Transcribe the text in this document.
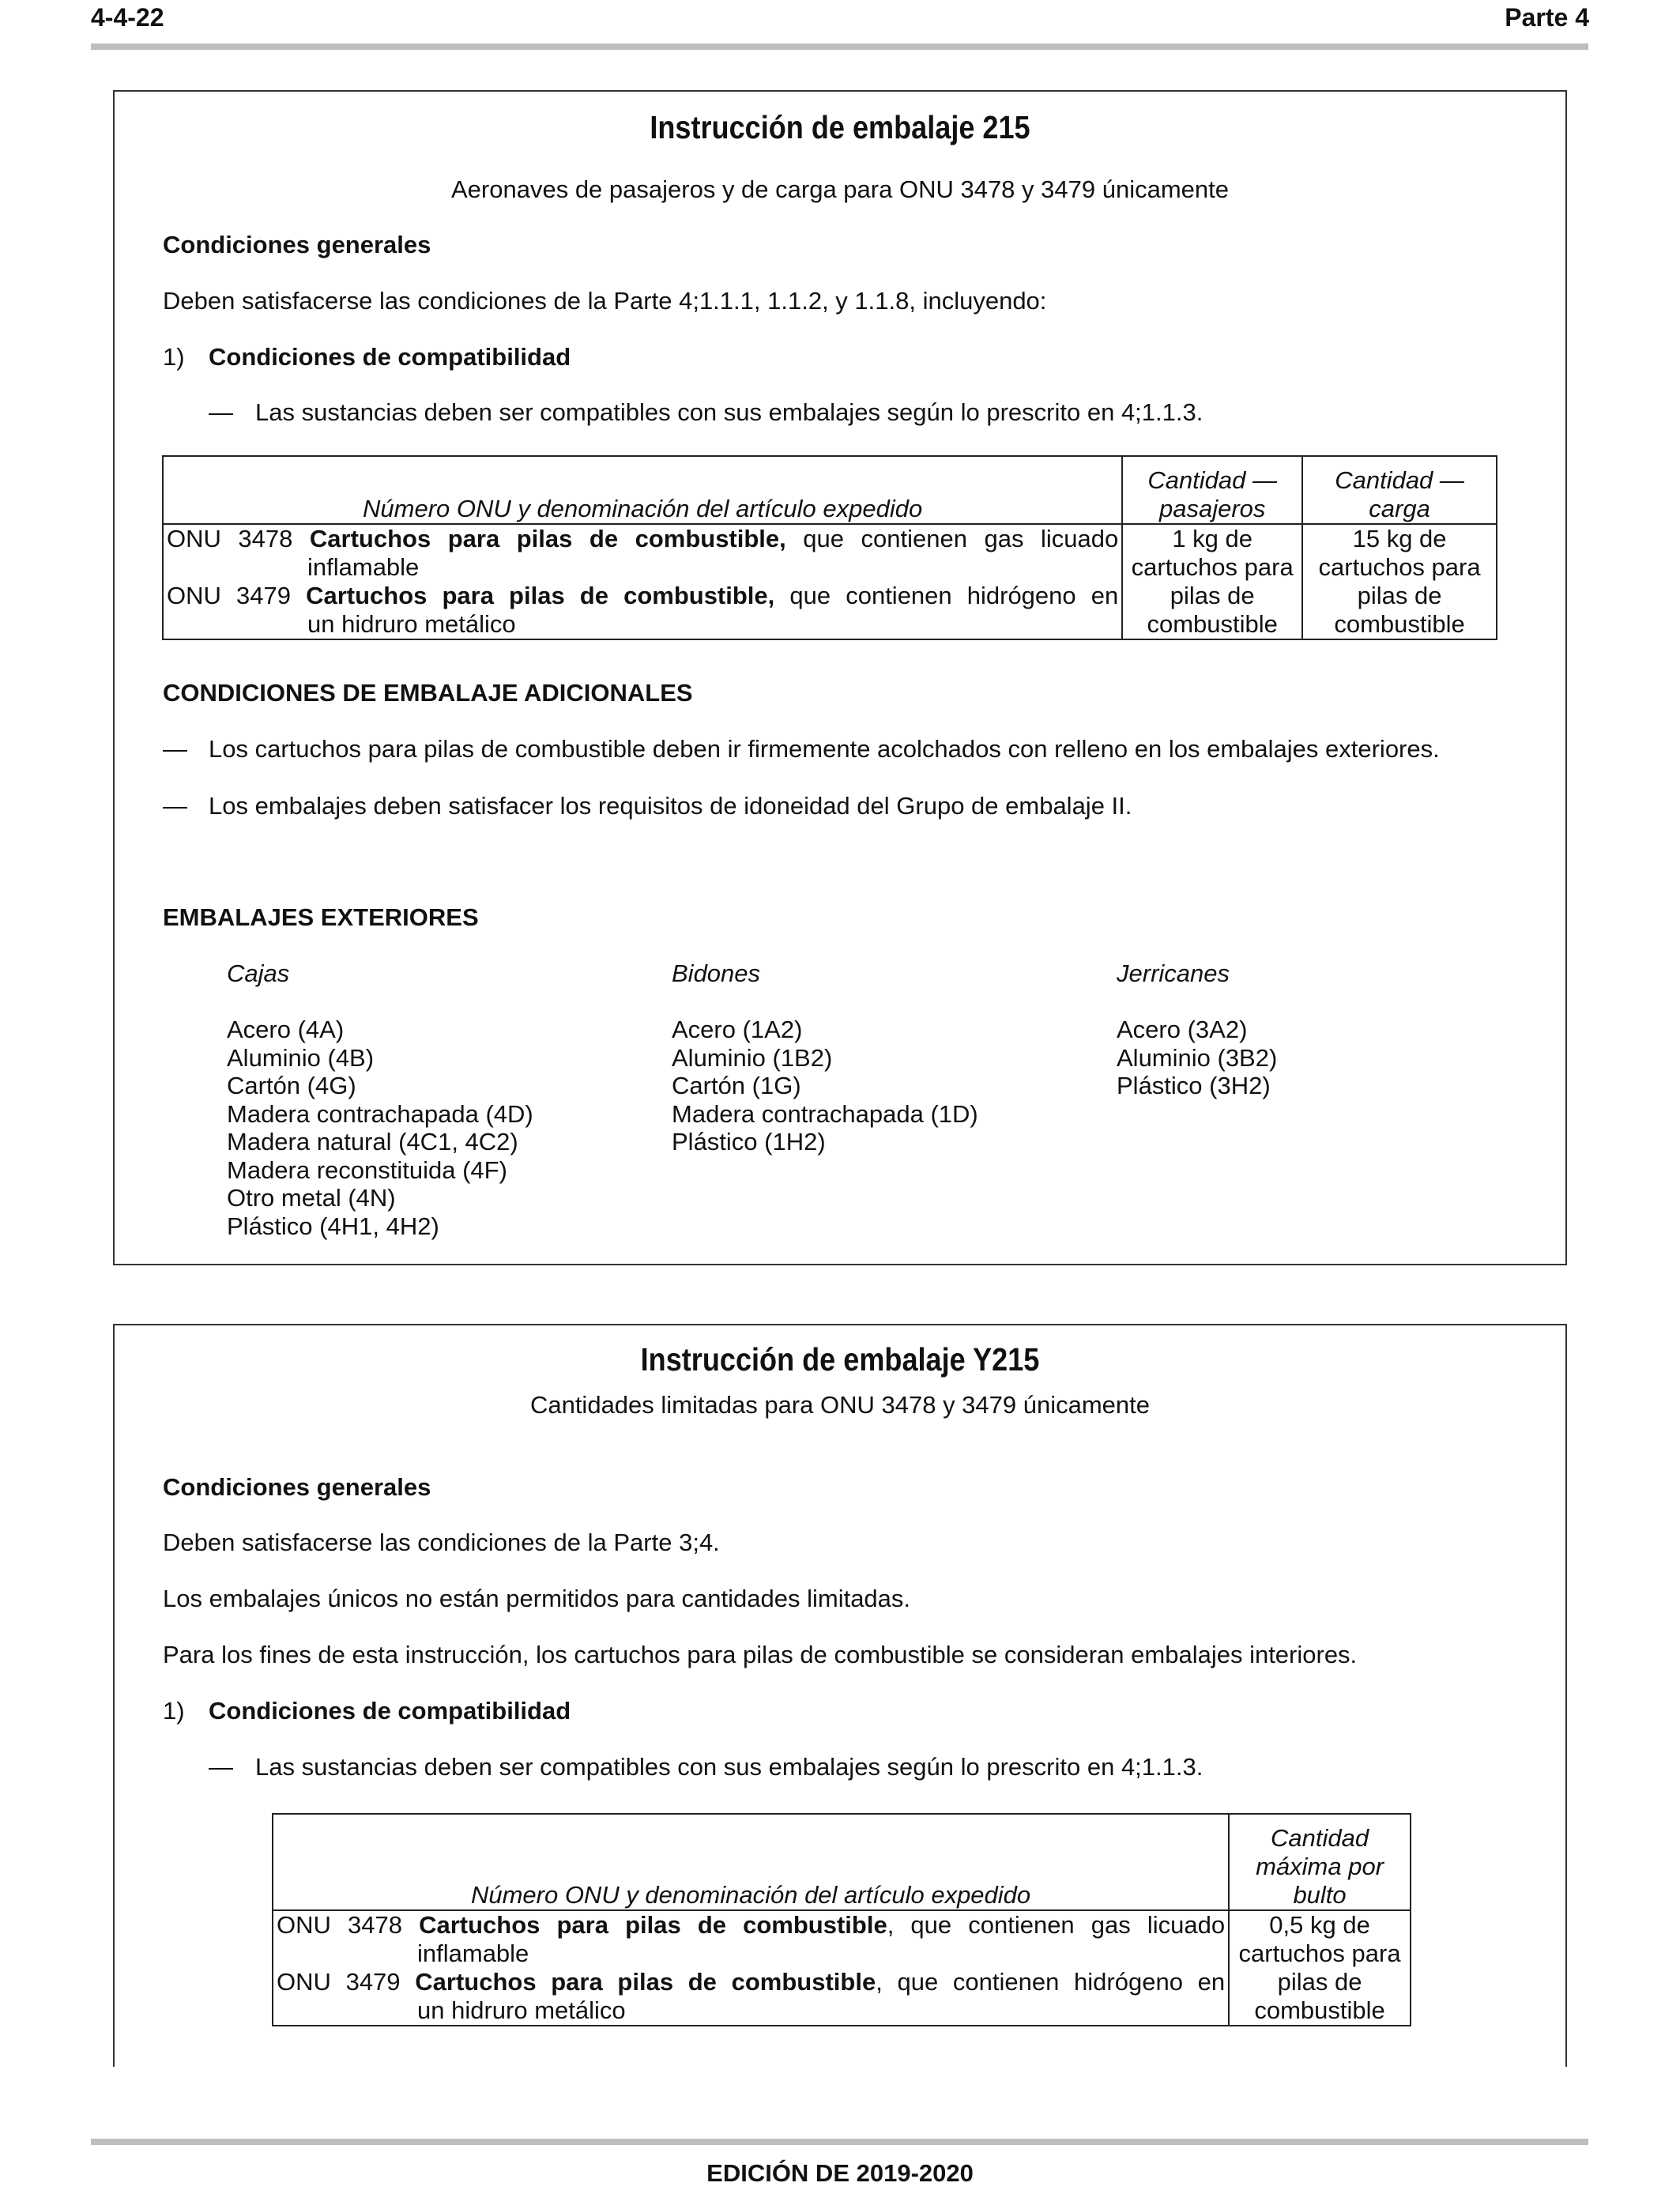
4-4-22	Parte 4
Instrucción de embalaje 215
Aeronaves de pasajeros y de carga para ONU 3478 y 3479 únicamente
Condiciones generales
Deben satisfacerse las condiciones de la Parte 4;1.1.1, 1.1.2, y 1.1.8, incluyendo:
1) Condiciones de compatibilidad
— Las sustancias deben ser compatibles con sus embalajes según lo prescrito en 4;1.1.3.
Número ONU y denominación del artículo expedido	Cantidad — pasajeros	Cantidad — carga

ONU 3478 Cartuchos para pilas de combustible, que contienen gas licuado
inflamable
ONU 3479 Cartuchos para pilas de combustible, que contienen hidrógeno en
un hidruro metálico	1 kg de cartuchos para pilas de combustible	15 kg de cartuchos para pilas de combustible
CONDICIONES DE EMBALAJE ADICIONALES
— Los cartuchos para pilas de combustible deben ir firmemente acolchados con relleno en los embalajes exteriores.
— Los embalajes deben satisfacer los requisitos de idoneidad del Grupo de embalaje II.
EMBALAJES EXTERIORES
Cajas
Acero (4A)
Aluminio (4B)
Cartón (4G)
Madera contrachapada (4D)
Madera natural (4C1, 4C2)
Madera reconstituida (4F)
Otro metal (4N)
Plástico (4H1, 4H2)
Bidones
Acero (1A2)
Aluminio (1B2)
Cartón (1G)
Madera contrachapada (1D)
Plástico (1H2)
Jerricanes
Acero (3A2)
Aluminio (3B2)
Plástico (3H2)
Instrucción de embalaje Y215
Cantidades limitadas para ONU 3478 y 3479 únicamente
Condiciones generales
Deben satisfacerse las condiciones de la Parte 3;4.
Los embalajes únicos no están permitidos para cantidades limitadas.
Para los fines de esta instrucción, los cartuchos para pilas de combustible se consideran embalajes interiores.
1) Condiciones de compatibilidad
— Las sustancias deben ser compatibles con sus embalajes según lo prescrito en 4;1.1.3.
Número ONU y denominación del artículo expedido	Cantidad máxima por bulto

ONU 3478 Cartuchos para pilas de combustible, que contienen gas licuado
inflamable
ONU 3479 Cartuchos para pilas de combustible, que contienen hidrógeno en
un hidruro metálico	0,5 kg de cartuchos para pilas de combustible
EDICIÓN DE 2019-2020
